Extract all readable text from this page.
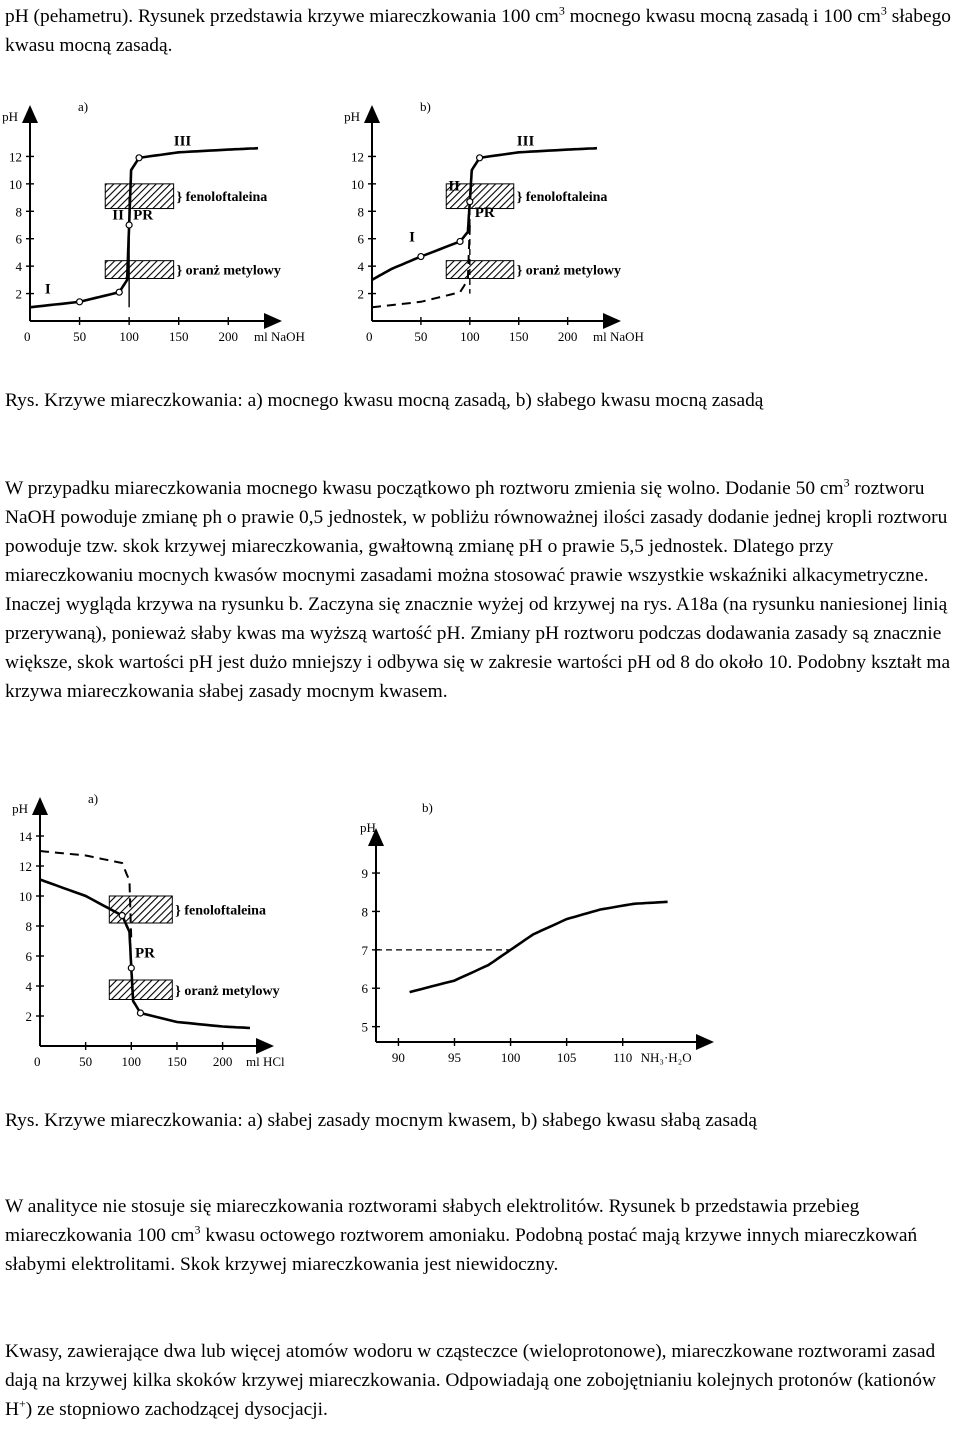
pH (pehametru). Rysunek przedstawia krzywe miareczkowania 100 $cm^3$ mocnego kwasu mocną zasadą i 100 $cm^3$ słabego kwasu mocną zasadą.

12
10
8
6
4
2
pH
a)
0	50	100 150 200 ml NaOH
} fenoloftaleina
} oranż metylowy
I
II
III
PR
12
10
8
6
4
2
pH
b)
0	50	100 150 200 ml NaOH
} fenoloftaleina
} oranż metylowy
I
II
III
PR

Rys. Krzywe miareczkowania: a) mocnego kwasu mocną zasadą, b) słabego kwasu mocną zasadą

W przypadku miareczkowania mocnego kwasu początkowo ph roztworu zmienia się wolno. Dodanie 50 $cm^3$ roztworu NaOH powoduje zmianę ph o prawie 0,5 jednostek, w pobliżu równoważnej ilości zasady dodanie jednej kropli roztworu powoduje tzw. skok krzywej miareczkowania, gwałtowną zmianę pH o prawie 5,5 jednostek. Dlatego przy miareczkowaniu mocnych kwasów mocnymi zasadami można stosować prawie wszystkie wskaźniki alkacymetryczne. Inaczej wygląda krzywa na rysunku b. Zaczyna się znacznie wyżej od krzywej na rys. A18a (na rysunku naniesionej linią przerywaną), ponieważ słaby kwas ma wyższą wartość pH. Zmiany pH roztworu podczas dodawania zasady są znacznie większe, skok wartości pH jest dużo mniejszy i odbywa się w zakresie wartości pH od 8 do około 10. Podobny kształt ma krzywa miareczkowania słabej zasady mocnym kwasem.

14
12
10
8
6
4
2
pH
a)
0	50 100 150 200 ml HCl
} fenoloftaleina
} oranż metylowy
PR
pH
b)
9
8
7
6
5
90	95	100	105	110 NH₃·H₂O

Rys. Krzywe miareczkowania: a) słabej zasady mocnym kwasem, b) słabego kwasu słabą zasadą

W analityce nie stosuje się miareczkowania roztworami słabych elektrolitów. Rysunek b przedstawia przebieg miareczkowania 100 $cm^3$ kwasu octowego roztworem amoniaku. Podobną postać mają krzywe innych miareczkowań słabymi elektrolitami. Skok krzywej miareczkowania jest niewidoczny.

Kwasy, zawierające dwa lub więcej atomów wodoru w cząsteczce (wieloprotonowe), miareczkowane roztworami zasad dają na krzywej kilka skoków krzywej miareczkowania. Odpowiadają one zobojętnianiu kolejnych protonów (kationów H+) ze stopniowo zachodzącej dysocjacji.
